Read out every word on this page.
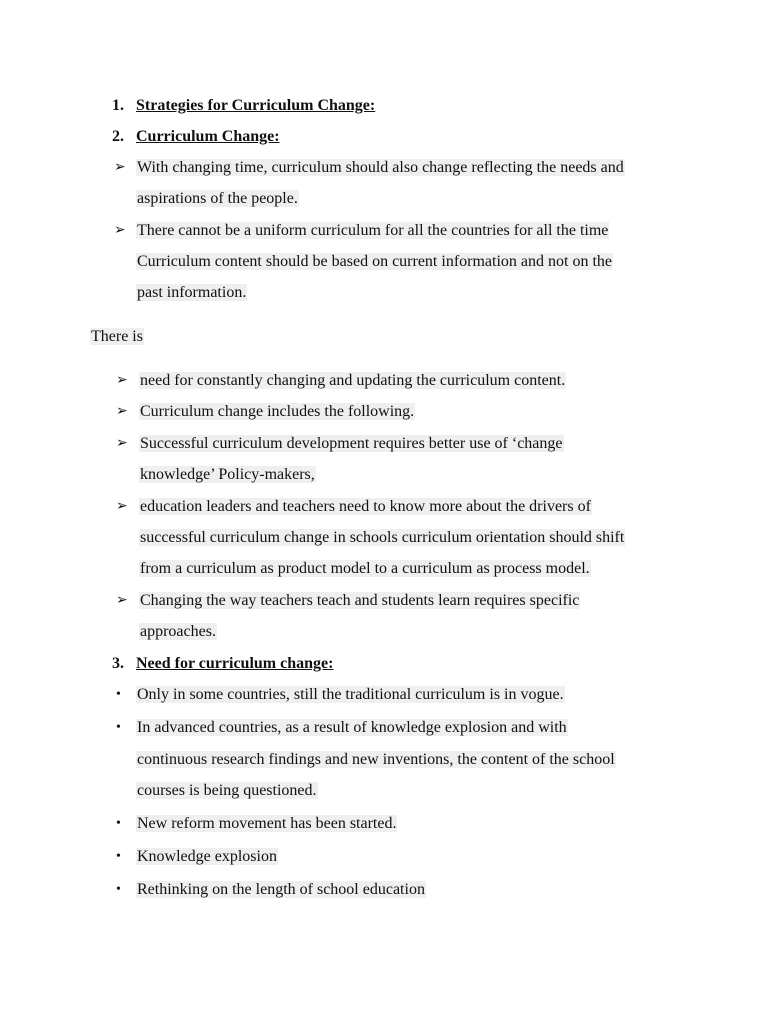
1. Strategies for Curriculum Change:
2. Curriculum Change:
➢ With changing time, curriculum should also change reflecting the needs and
aspirations of the people.
➢ There cannot be a uniform curriculum for all the countries for all the time
Curriculum content should be based on current information and not on the
past information.
There is
➢ need for constantly changing and updating the curriculum content.
➢ Curriculum change includes the following.
➢ Successful curriculum development requires better use of ‘change
knowledge’ Policy-makers,
➢ education leaders and teachers need to know more about the drivers of
successful curriculum change in schools curriculum orientation should shift
from a curriculum as product model to a curriculum as process model.
➢ Changing the way teachers teach and students learn requires specific
approaches.
3. Need for curriculum change:
• Only in some countries, still the traditional curriculum is in vogue.
• In advanced countries, as a result of knowledge explosion and with
continuous research findings and new inventions, the content of the school
courses is being questioned.
• New reform movement has been started.
• Knowledge explosion
• Rethinking on the length of school education
